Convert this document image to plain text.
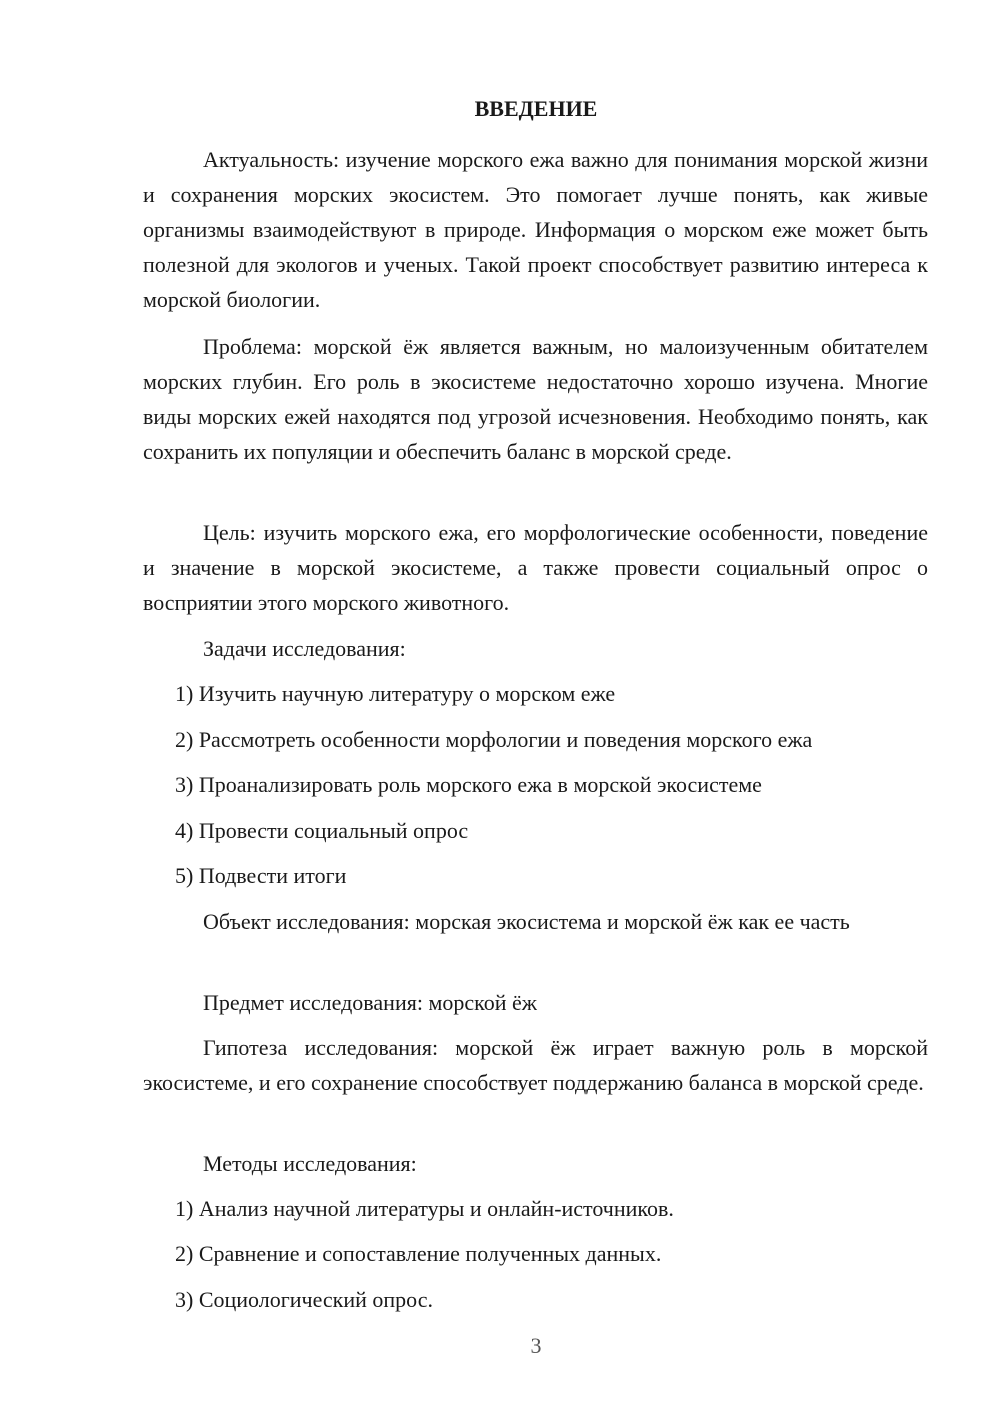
ВВЕДЕНИЕ

Актуальность: изучение морского ежа важно для понимания морской жизни и сохранения морских экосистем. Это помогает лучше понять, как живые организмы взаимодействуют в природе. Информация о морском еже может быть полезной для экологов и ученых. Такой проект способствует развитию интереса к морской биологии.

Проблема: морской ёж является важным, но малоизученным обитателем морских глубин. Его роль в экосистеме недостаточно хорошо изучена. Многие виды морских ежей находятся под угрозой исчезновения. Необходимо понять, как сохранить их популяции и обеспечить баланс в морской среде.

Цель: изучить морского ежа, его морфологические особенности, поведение и значение в морской экосистеме, а также провести социальный опрос о восприятии этого морского животного.

Задачи исследования:

1) Изучить научную литературу о морском еже

2) Рассмотреть особенности морфологии и поведения морского ежа

3) Проанализировать роль морского ежа в морской экосистеме

4) Провести социальный опрос

5) Подвести итоги

Объект исследования: морская экосистема и морской ёж как ее часть

Предмет исследования: морской ёж

Гипотеза исследования: морской ёж играет важную роль в морской экосистеме, и его сохранение способствует поддержанию баланса в морской среде.

Методы исследования:

1) Анализ научной литературы и онлайн-источников.

2) Сравнение и сопоставление полученных данных.

3) Социологический опрос.

3
